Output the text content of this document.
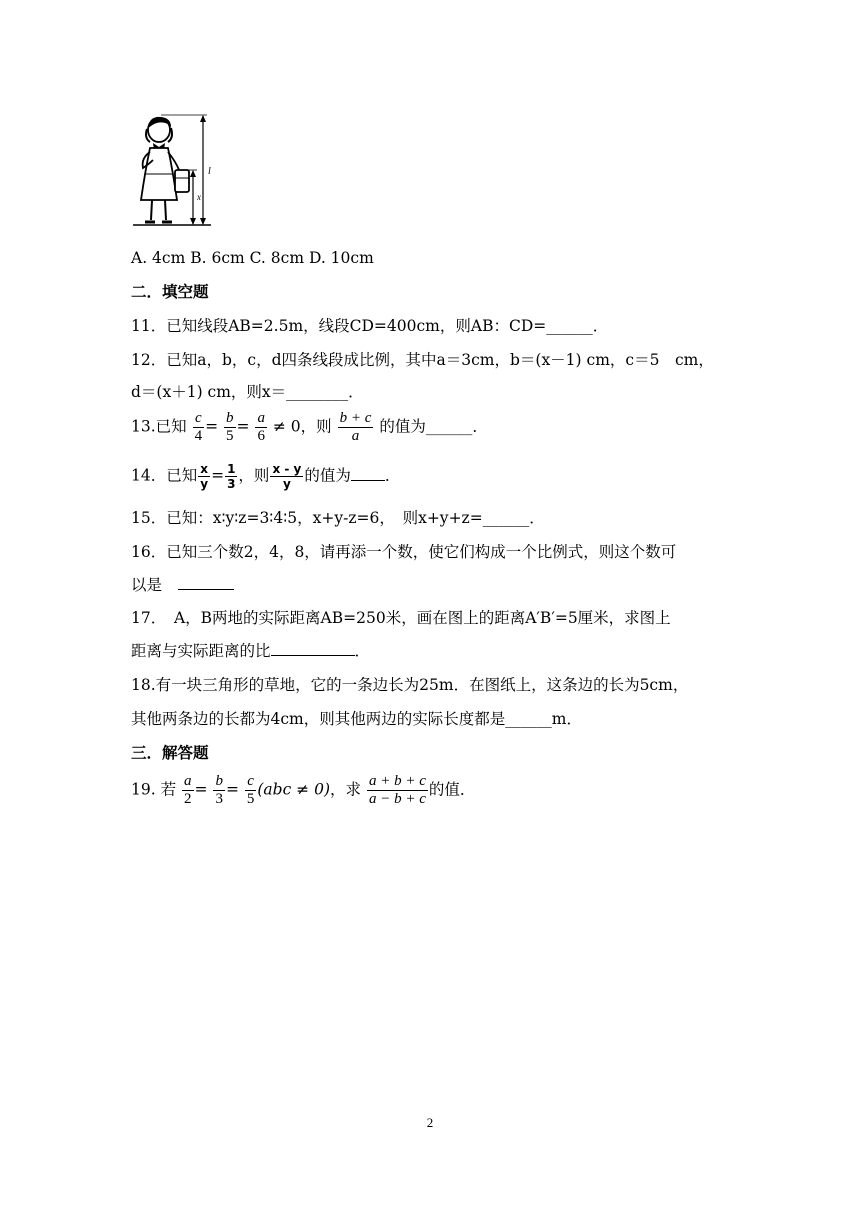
l
x
A. 4cm B. 6cm C. 8cm D. 10cm
二．填空题
11．已知线段AB=2.5m，线段CD=400cm，则AB：CD=______．
12．已知a，b，c，d四条线段成比例，其中a＝3cm，b＝(x－1) cm，c＝5　cm，
d＝(x＋1) cm，则x＝________．
13.已知 $\frac{c}{4} = \frac{b}{5} = \frac{a}{6} \ne 0$，则 $\frac{b + c}{a}$ 的值为______．
14．已知 $\frac{x}{y} = \frac{1}{3}$ ，则 $\frac{x - y}{y}$ 的值为 ．
15．已知：x∶y∶z=3∶4∶5，x+y-z=6，　则x+y+z=______．
16．已知三个数2，4，8，请再添一个数，使它们构成一个比例式，则这个数可
以是　
17．　A，B两地的实际距离AB=250米，画在图上的距离A′B′=5厘米，求图上
距离与实际距离的比	．
18.有一块三角形的草地，它的一条边长为25m．在图纸上，这条边的长为5cm，
其他两条边的长都为4cm，则其他两边的实际长度都是______m．
三．解答题
19. 若 $\frac{a}{2} = \frac{b}{3} = \frac{c}{5} (abc \ne 0)$，求 $\frac{a + b + c}{a - b + c}$ 的值．
2
